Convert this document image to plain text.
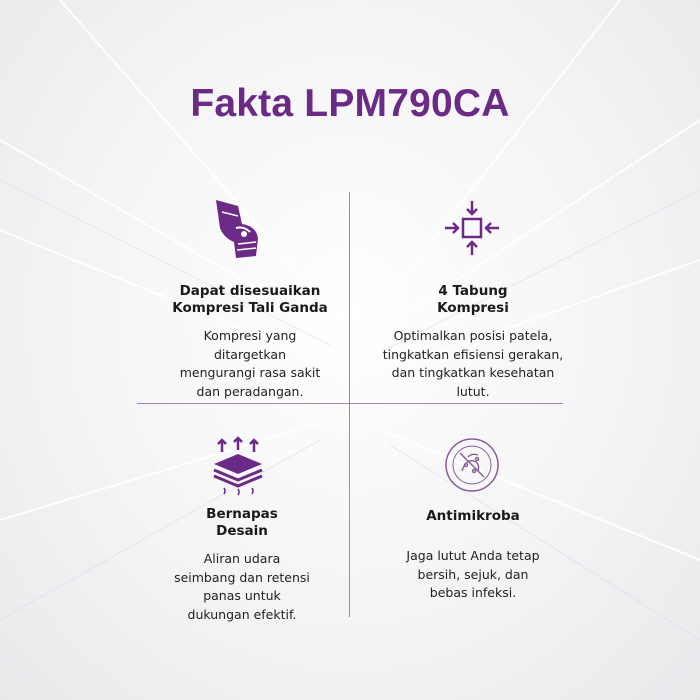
Fakta LPM790CA
Dapat disesuaikan
Kompresi Tali Ganda
Kompresi yang
ditargetkan
mengurangi rasa sakit
dan peradangan.
4 Tabung
Kompresi
Optimalkan posisi patela,
tingkatkan efisiensi gerakan,
dan tingkatkan kesehatan
lutut.
Bernapas
Desain
Aliran udara
seimbang dan retensi
panas untuk
dukungan efektif.
Antimikroba
Jaga lutut Anda tetap
bersih, sejuk, dan
bebas infeksi.
